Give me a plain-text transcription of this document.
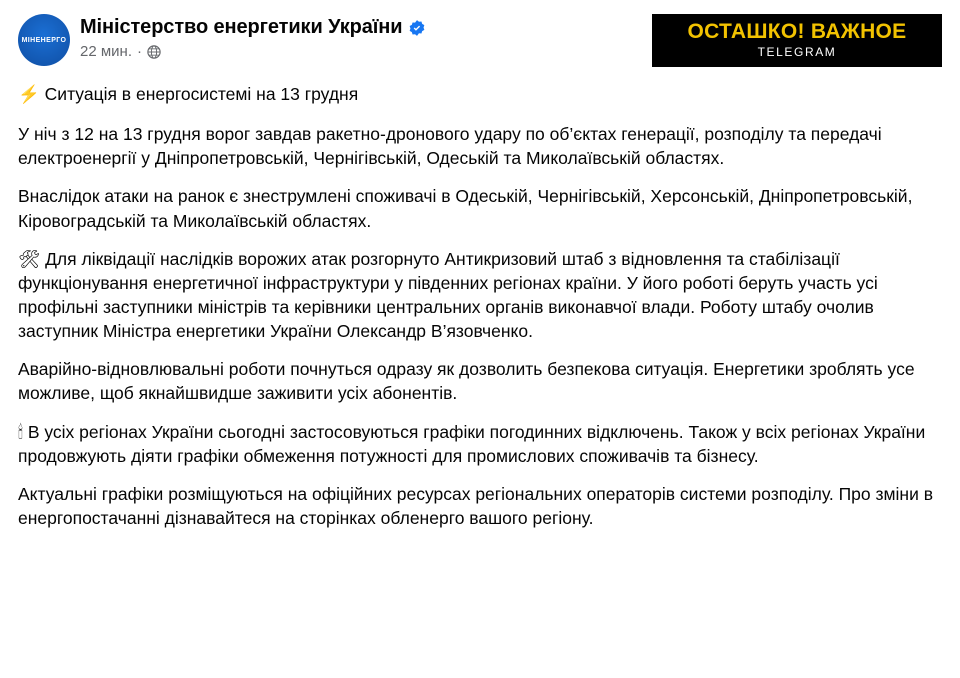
МІНЕНЕРГО
Міністерство енергетики України
22 мин. ·
ОСТАШКО! ВАЖНОЕ
TELEGRAM

⚡ Ситуація в енергосистемі на 13 грудня

У ніч з 12 на 13 грудня ворог завдав ракетно-дронового удару по об’єктах генерації, розподілу та передачі електроенергії у Дніпропетровській, Чернігівській, Одеській та Миколаївській областях.

Внаслідок атаки на ранок є знеструмлені споживачі в Одеській, Чернігівській, Херсонській, Дніпропетровській, Кіровоградській та Миколаївській областях.

🛠 Для ліквідації наслідків ворожих атак розгорнуто Антикризовий штаб з відновлення та стабілізації функціонування енергетичної інфраструктури у південних регіонах країни. У його роботі беруть участь усі профільні заступники міністрів та керівники центральних органів виконавчої влади. Роботу штабу очолив заступник Міністра енергетики України Олександр В’язовченко.

Аварійно-відновлювальні роботи почнуться одразу як дозволить безпекова ситуація. Енергетики зроблять усе можливе, щоб якнайшвидше заживити усіх абонентів.

🕯 В усіх регіонах України сьогодні застосовуються графіки погодинних відключень. Також у всіх регіонах України продовжують діяти графіки обмеження потужності для промислових споживачів та бізнесу.

Актуальні графіки розміщуються на офіційних ресурсах регіональних операторів системи розподілу. Про зміни в енергопостачанні дізнавайтеся на сторінках обленерго вашого регіону.
